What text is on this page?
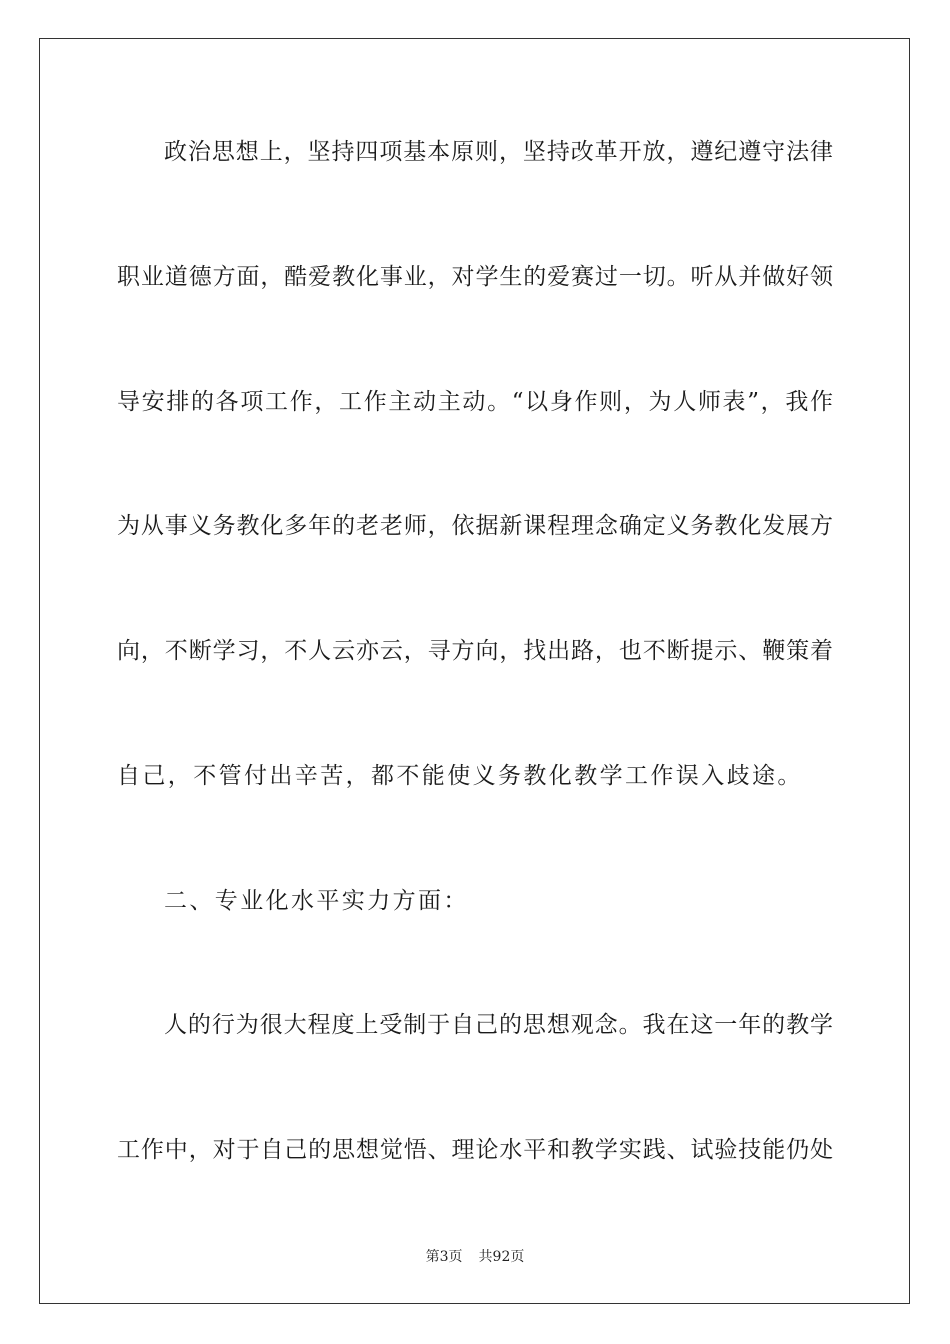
政治思想上，坚持四项基本原则，坚持改革开放，遵纪遵守法律
职业道德方面，酷爱教化事业，对学生的爱赛过一切。听从并做好领
导安排的各项工作，工作主动主动。“以身作则，为人师表”，我作
为从事义务教化多年的老老师，依据新课程理念确定义务教化发展方
向，不断学习，不人云亦云，寻方向，找出路，也不断提示、鞭策着
自己，不管付出辛苦，都不能使义务教化教学工作误入歧途。
二、专业化水平实力方面：
人的行为很大程度上受制于自己的思想观念。我在这一年的教学
工作中，对于自己的思想觉悟、理论水平和教学实践、试验技能仍处
第3页 共92页
